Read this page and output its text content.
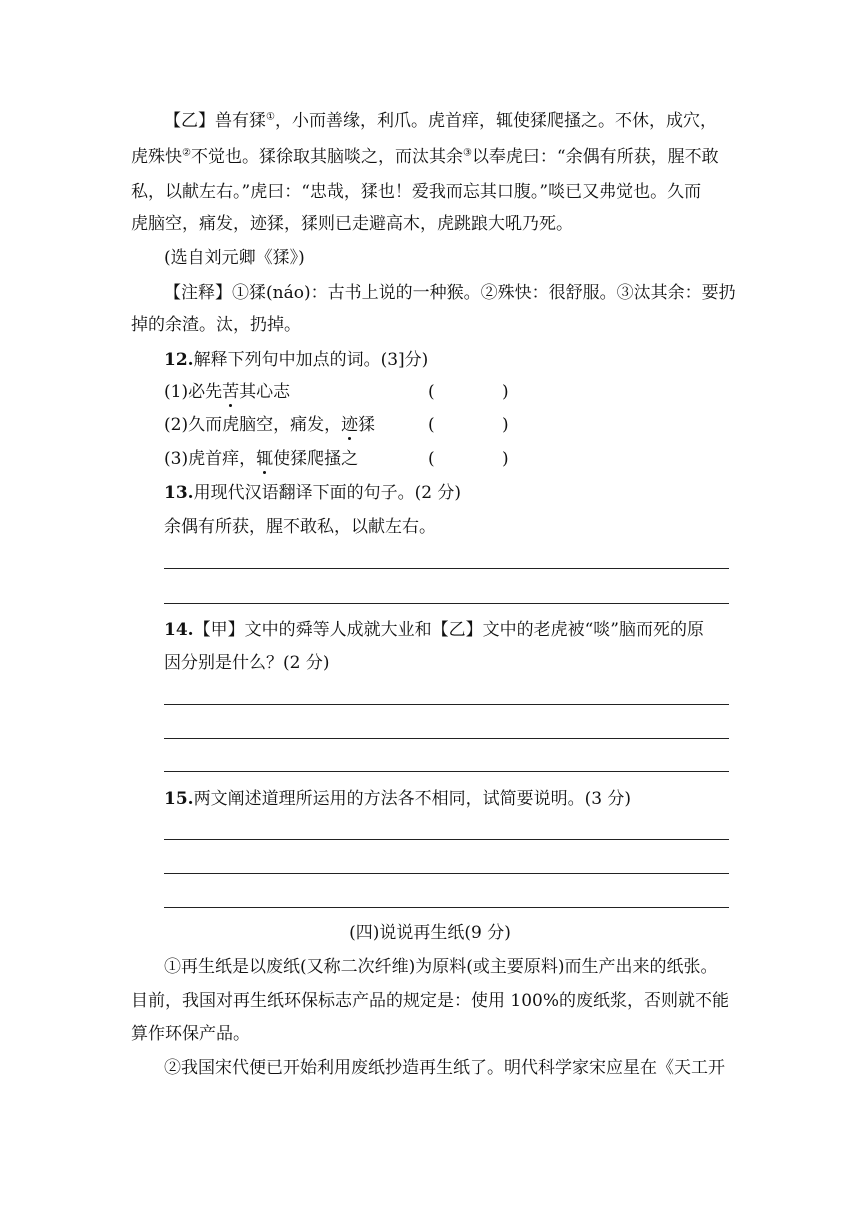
【乙】兽有猱①，小而善缘，利爪。虎首痒，辄使猱爬搔之。不休，成穴，
虎殊快②不觉也。猱徐取其脑啖之，而汰其余③以奉虎曰：“余偶有所获，腥不敢
私，以献左右。”虎曰：“忠哉，猱也！爱我而忘其口腹。”啖已又弗觉也。久而
虎脑空，痛发，迹猱，猱则已走避高木，虎跳踉大吼乃死。
(选自刘元卿《猱》)
【注释】①猱(náo)：古书上说的一种猴。②殊快：很舒服。③汰其余：要扔
掉的余渣。汰，扔掉。
12.解释下列句中加点的词。(3]分)
(1)必先苦其心志	(	)
(2)久而虎脑空，痛发，迹猱	(	)
(3)虎首痒，辄使猱爬搔之	(	)
13.用现代汉语翻译下面的句子。(2 分)
余偶有所获，腥不敢私，以献左右。
14.【甲】文中的舜等人成就大业和【乙】文中的老虎被“啖”脑而死的原
因分别是什么？(2 分)
15.两文阐述道理所运用的方法各不相同，试简要说明。(3 分)
(四)说说再生纸(9 分)
①再生纸是以废纸(又称二次纤维)为原料(或主要原料)而生产出来的纸张。
目前，我国对再生纸环保标志产品的规定是：使用 100%的废纸浆，否则就不能
算作环保产品。
②我国宋代便已开始利用废纸抄造再生纸了。明代科学家宋应星在《天工开
